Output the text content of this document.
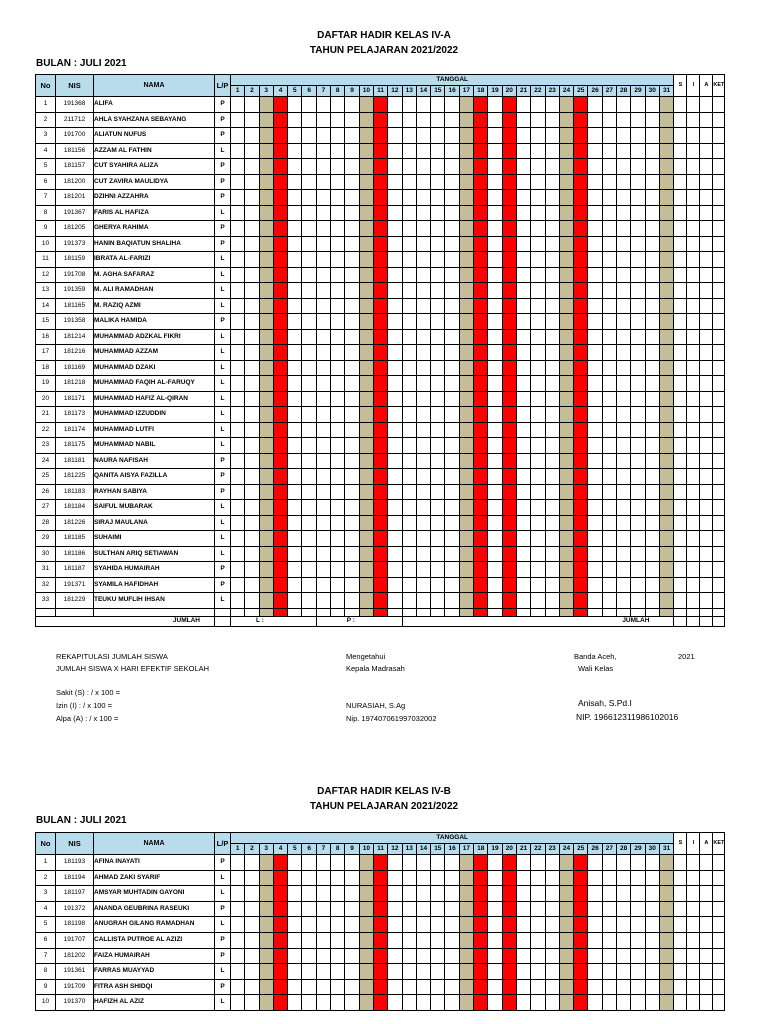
DAFTAR HADIR KELAS IV-A
TAHUN PELAJARAN 2021/2022
BULAN : JULI 2021
No	NIS	NAMA	L/P	TANGGAL																															S	I	A	KET
				1	2	3	4	5	6	7	8	9	10	11	12	13	14	15	16	17	18	19	20	21	22	23	24	25	26	27	28	29	30	31				
1	191368	ALIFA	P																																			
2	211712	AHLA SYAHZANA SEBAYANG	P																																			
3	191700	ALIATUN NUFUS	P																																			
4	181156	AZZAM AL FATHIN	L																																			
5	181157	CUT SYAHIRA ALIZA	P																																			
6	181200	CUT ZAVIRA MAULIDYA	P																																			
7	181201	DZIHNI AZZAHRA	P																																			
8	191367	FARIS AL HAFIZA	L																																			
9	181205	GHERYA RAHIMA	P																																			
10	191373	HANIN BAQIATUN SHALIHA	P																																			
11	181159	IBRATA AL-FARIZI	L																																			
12	191708	M. AGHA SAFARAZ	L																																			
13	191359	M. ALI RAMADHAN	L																																			
14	181165	M. RAZIQ AZMI	L																																			
15	191358	MALIKA HAMIDA	P																																			
16	181214	MUHAMMAD ADZKAL FIKRI	L																																			
17	181216	MUHAMMAD AZZAM	L																																			
18	181169	MUHAMMAD DZAKI	L																																			
19	181218	MUHAMMAD FAQIH AL-FARUQY	L																																			
20	181171	MUHAMMAD HAFIZ AL-QIRAN	L																																			
21	181173	MUHAMMAD IZZUDDIN	L																																			
22	181174	MUHAMMAD LUTFI	L																																			
23	181175	MUHAMMAD NABIL	L																																			
24	181181	NAURA NAFISAH	P																																			
25	181225	QANITA AISYA FAZILLA	P																																			
26	181183	RAYHAN SABIYA	P																																			
27	181184	SAIFUL MUBARAK	L																																			
28	181226	SIRAJ MAULANA	L																																			
29	181185	SUHAIMI	L																																			
30	181186	SULTHAN ARIQ SETIAWAN	L																																			
31	181187	SYAHIDA HUMAIRAH	P																																			
32	191371	SYAMILA HAFIDHAH	P																																			
33	181229	TEUKU MUFLIH IHSAN	L																																			

JUMLAH				L :						P :						JUMLAH																						
REKAPITULASI JUMLAH SISWA
JUMLAH SISWA X HARI EFEKTIF SEKOLAH
Sakit (S) : / x 100 =
Izin (I) : / x 100 =
Alpa (A) : / x 100 =
Mengetahui
Kepala Madrasah
NURASIAH, S.Ag
Nip. 197407061997032002
Banda Aceh,	2021
Wali Kelas
Anisah, S.Pd.I
NIP. 196612311986102016
DAFTAR HADIR KELAS IV-B
TAHUN PELAJARAN 2021/2022
BULAN : JULI 2021
No	NIS	NAMA	L/P	TANGGAL																															S	I	A	KET
				1	2	3	4	5	6	7	8	9	10	11	12	13	14	15	16	17	18	19	20	21	22	23	24	25	26	27	28	29	30	31				
1	181193	AFINA INAYATI	P																																			
2	181194	AHMAD ZAKI SYARIF	L																																			
3	181197	AMSYAR MUHTADIN GAYONI	L																																			
4	191372	ANANDA GEUBRINA RASEUKI	P																																			
5	181198	ANUGRAH GILANG RAMADHAN	L																																			
6	191707	CALLISTA PUTROE AL AZIZI	P																																			
7	181202	FAIZA HUMAIRAH	P																																			
8	191361	FARRAS MUAYYAD	L																																			
9	191709	FITRA ASH SHIDQI	P																																			
10	191370	HAFIZH AL AZIZ	L																																			
